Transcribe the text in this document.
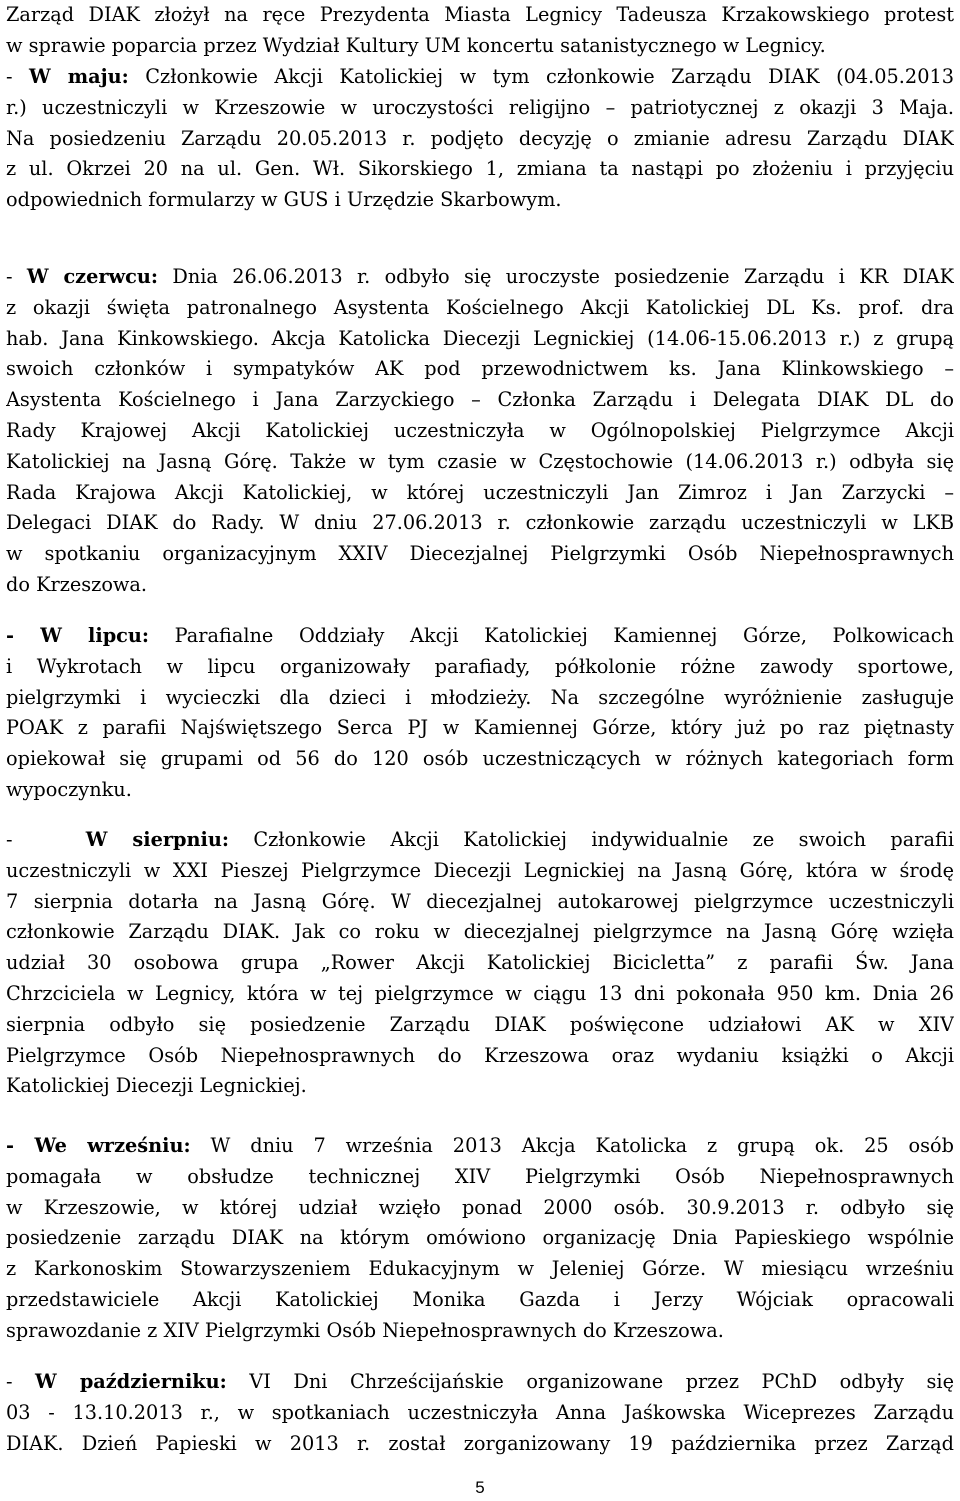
Zarząd DIAK złożył na ręce Prezydenta Miasta Legnicy Tadeusza Krzakowskiego protest
w sprawie poparcia przez Wydział Kultury UM koncertu satanistycznego w Legnicy.

- W maju: Członkowie Akcji Katolickiej w tym członkowie Zarządu DIAK (04.05.2013
r.) uczestniczyli w Krzeszowie w uroczystości religijno – patriotycznej z okazji 3 Maja.
Na posiedzeniu Zarządu 20.05.2013 r. podjęto decyzję o zmianie adresu Zarządu DIAK
z ul. Okrzei 20 na ul. Gen. Wł. Sikorskiego 1, zmiana ta nastąpi po złożeniu i przyjęciu
odpowiednich formularzy w GUS i Urzędzie Skarbowym.

- W czerwcu: Dnia 26.06.2013 r. odbyło się uroczyste posiedzenie Zarządu i KR DIAK
z okazji święta patronalnego Asystenta Kościelnego Akcji Katolickiej DL Ks. prof. dra
hab. Jana Kinkowskiego. Akcja Katolicka Diecezji Legnickiej (14.06-15.06.2013 r.) z grupą
swoich członków i sympatyków AK pod przewodnictwem ks. Jana Klinkowskiego –
Asystenta Kościelnego i Jana Zarzyckiego – Członka Zarządu i Delegata DIAK DL do
Rady Krajowej Akcji Katolickiej uczestniczyła w Ogólnopolskiej Pielgrzymce Akcji
Katolickiej na Jasną Górę. Także w tym czasie w Częstochowie (14.06.2013 r.) odbyła się
Rada Krajowa Akcji Katolickiej, w której uczestniczyli Jan Zimroz i Jan Zarzycki –
Delegaci DIAK do Rady. W dniu 27.06.2013 r. członkowie zarządu uczestniczyli w LKB
w spotkaniu organizacyjnym XXIV Diecezjalnej Pielgrzymki Osób Niepełnosprawnych
do Krzeszowa.

- W lipcu: Parafialne Oddziały Akcji Katolickiej Kamiennej Górze, Polkowicach
i Wykrotach w lipcu organizowały parafiady, półkolonie różne zawody sportowe,
pielgrzymki i wycieczki dla dzieci i młodzieży. Na szczególne wyróżnienie zasługuje
POAK z parafii Najświętszego Serca PJ w Kamiennej Górze, który już po raz piętnasty
opiekował się grupami od 56 do 120 osób uczestniczących w różnych kategoriach form
wypoczynku.

-   W sierpniu: Członkowie Akcji Katolickiej indywidualnie ze swoich parafii
uczestniczyli w XXI Pieszej Pielgrzymce Diecezji Legnickiej na Jasną Górę, która w środę
7 sierpnia dotarła na Jasną Górę. W diecezjalnej autokarowej pielgrzymce uczestniczyli
członkowie Zarządu DIAK. Jak co roku w diecezjalnej pielgrzymce na Jasną Górę wzięła
udział 30 osobowa grupa „Rower Akcji Katolickiej Bicicletta” z parafii Św. Jana
Chrzciciela w Legnicy, która w tej pielgrzymce w ciągu 13 dni pokonała 950 km. Dnia 26
sierpnia odbyło się posiedzenie Zarządu DIAK poświęcone udziałowi AK w XIV
Pielgrzymce Osób Niepełnosprawnych do Krzeszowa oraz wydaniu książki o Akcji
Katolickiej Diecezji Legnickiej.

- We wrześniu: W dniu 7 września 2013 Akcja Katolicka z grupą ok. 25 osób
pomagała w obsłudze technicznej XIV Pielgrzymki Osób Niepełnosprawnych
w Krzeszowie, w której udział wzięło ponad 2000 osób. 30.9.2013 r. odbyło się
posiedzenie zarządu DIAK na którym omówiono organizację Dnia Papieskiego wspólnie
z Karkonoskim Stowarzyszeniem Edukacyjnym w Jeleniej Górze. W miesiącu wrześniu
przedstawiciele Akcji Katolickiej Monika Gazda i Jerzy Wójciak opracowali
sprawozdanie z XIV Pielgrzymki Osób Niepełnosprawnych do Krzeszowa.

- W październiku: VI Dni Chrześcijańskie organizowane przez PChD odbyły się
03 - 13.10.2013 r., w spotkaniach uczestniczyła Anna Jaśkowska Wiceprezes Zarządu
DIAK. Dzień Papieski w 2013 r. został zorganizowany 19 października przez Zarząd

5
